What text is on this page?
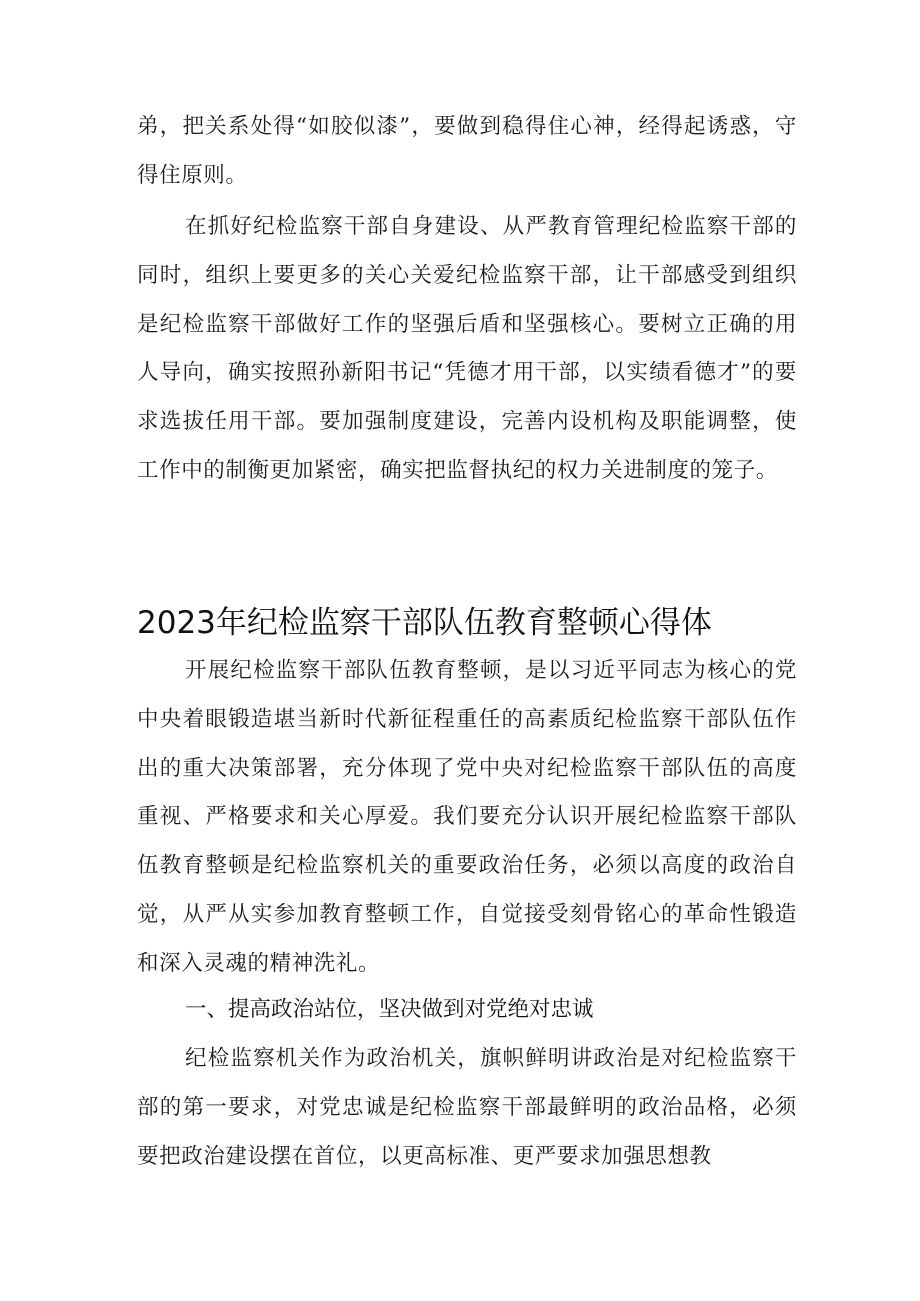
弟，把关系处得“如胶似漆”，要做到稳得住心神，经得起诱惑，守得住原则。

在抓好纪检监察干部自身建设、从严教育管理纪检监察干部的同时，组织上要更多的关心关爱纪检监察干部，让干部感受到组织是纪检监察干部做好工作的坚强后盾和坚强核心。要树立正确的用人导向，确实按照孙新阳书记“凭德才用干部，以实绩看德才”的要求选拔任用干部。要加强制度建设，完善内设机构及职能调整，使工作中的制衡更加紧密，确实把监督执纪的权力关进制度的笼子。

2023年纪检监察干部队伍教育整顿心得体

开展纪检监察干部队伍教育整顿，是以习近平同志为核心的党中央着眼锻造堪当新时代新征程重任的高素质纪检监察干部队伍作出的重大决策部署，充分体现了党中央对纪检监察干部队伍的高度重视、严格要求和关心厚爱。我们要充分认识开展纪检监察干部队伍教育整顿是纪检监察机关的重要政治任务，必须以高度的政治自觉，从严从实参加教育整顿工作，自觉接受刻骨铭心的革命性锻造和深入灵魂的精神洗礼。

一、提高政治站位，坚决做到对党绝对忠诚

纪检监察机关作为政治机关，旗帜鲜明讲政治是对纪检监察干部的第一要求，对党忠诚是纪检监察干部最鲜明的政治品格，必须要把政治建设摆在首位，以更高标准、更严要求加强思想教
